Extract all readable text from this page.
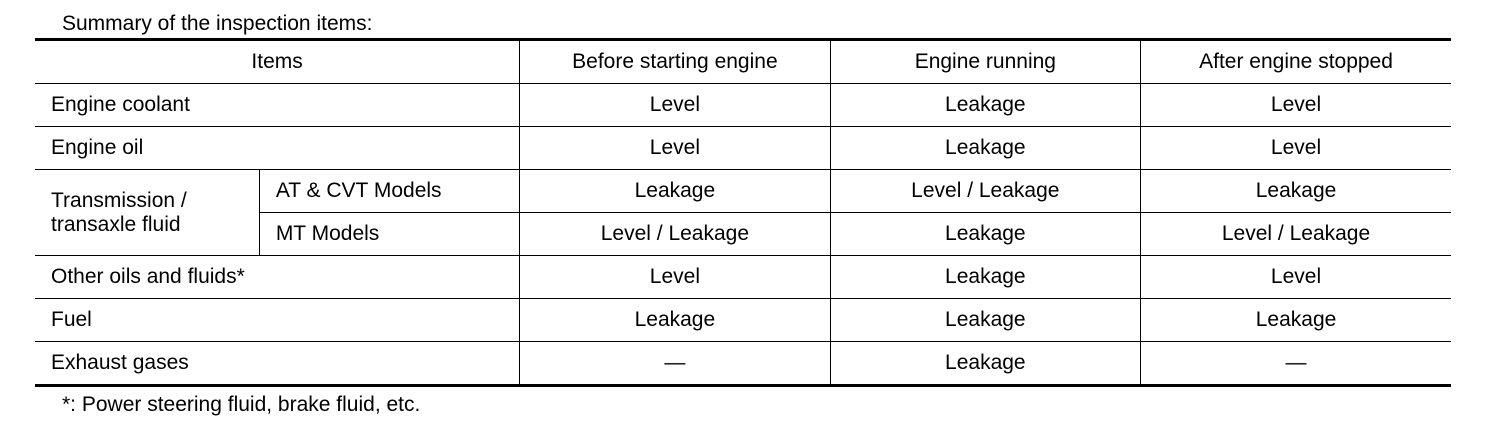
Summary of the inspection items:
Items		Before starting engine	Engine running	After engine stopped
Engine coolant		Level	Leakage	Level
Engine oil		Level	Leakage	Level
Transmission / transaxle fluid	AT & CVT Models	Leakage	Level / Leakage	Leakage
	MT Models	Level / Leakage	Leakage	Level / Leakage
Other oils and fluids*		Level	Leakage	Level
Fuel		Leakage	Leakage	Leakage
Exhaust gases		—	Leakage	—
*: Power steering fluid, brake fluid, etc.
